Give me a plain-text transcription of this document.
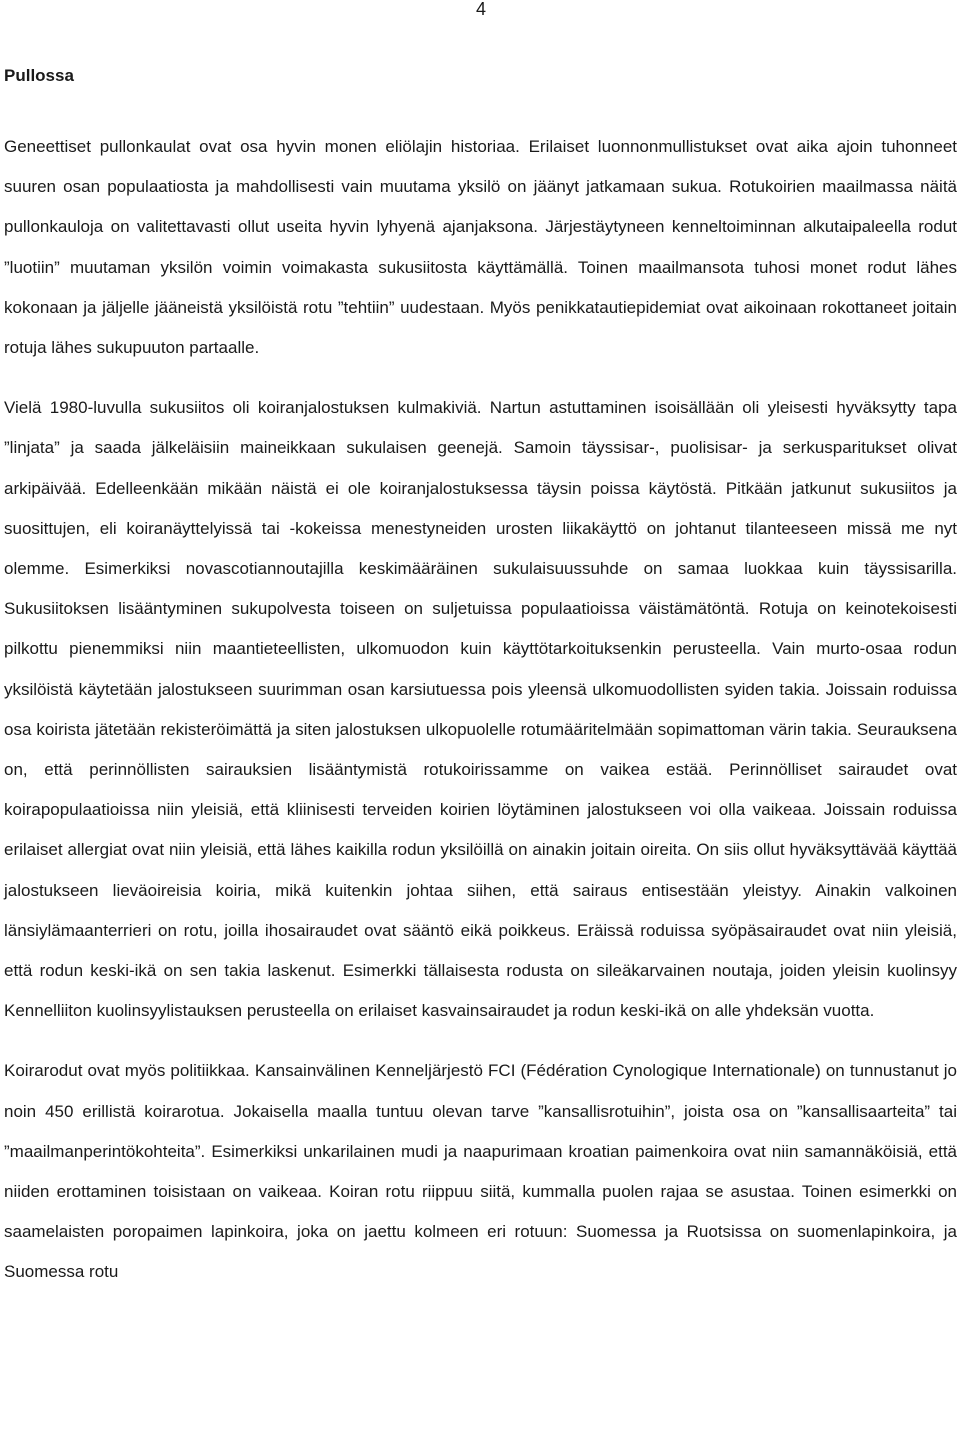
4
Pullossa

Geneettiset pullonkaulat ovat osa hyvin monen eliölajin historiaa. Erilaiset luonnonmullistukset ovat aika ajoin tuhonneet suuren osan populaatiosta ja mahdollisesti vain muutama yksilö on jäänyt jatkamaan sukua. Rotukoirien maailmassa näitä pullonkauloja on valitettavasti ollut useita hyvin lyhyenä ajanjaksona. Järjestäytyneen kenneltoiminnan alkutaipaleella rodut ”luotiin” muutaman yksilön voimin voimakasta sukusiitosta käyttämällä. Toinen maailmansota tuhosi monet rodut lähes kokonaan ja jäljelle jääneistä yksilöistä rotu ”tehtiin” uudestaan. Myös penikkatautiepidemiat ovat aikoinaan rokottaneet joitain rotuja lähes sukupuuton partaalle.

Vielä 1980-luvulla sukusiitos oli koiranjalostuksen kulmakiviä. Nartun astuttaminen isoisällään oli yleisesti hyväksytty tapa ”linjata” ja saada jälkeläisiin maineikkaan sukulaisen geenejä. Samoin täyssisar-, puolisisar- ja serkusparitukset olivat arkipäivää. Edelleenkään mikään näistä ei ole koiranjalostuksessa täysin poissa käytöstä. Pitkään jatkunut sukusiitos ja suosittujen, eli koiranäyttelyissä tai -kokeissa menestyneiden urosten liikakäyttö on johtanut tilanteeseen missä me nyt olemme. Esimerkiksi novascotiannoutajilla keskimääräinen sukulaisuussuhde on samaa luokkaa kuin täyssisarilla. Sukusiitoksen lisääntyminen sukupolvesta toiseen on suljetuissa populaatioissa väistämätöntä. Rotuja on keinotekoisesti pilkottu pienemmiksi niin maantieteellisten, ulkomuodon kuin käyttötarkoituksenkin perusteella. Vain murto-osaa rodun yksilöistä käytetään jalostukseen suurimman osan karsiutuessa pois yleensä ulkomuodollisten syiden takia. Joissain roduissa osa koirista jätetään rekisteröimättä ja siten jalostuksen ulkopuolelle rotumääritelmään sopimattoman värin takia. Seurauksena on, että perinnöllisten sairauksien lisääntymistä rotukoirissamme on vaikea estää. Perinnölliset sairaudet ovat koirapopulaatioissa niin yleisiä, että kliinisesti terveiden koirien löytäminen jalostukseen voi olla vaikeaa. Joissain roduissa erilaiset allergiat ovat niin yleisiä, että lähes kaikilla rodun yksilöillä on ainakin joitain oireita. On siis ollut hyväksyttävää käyttää jalostukseen lieväoireisia koiria, mikä kuitenkin johtaa siihen, että sairaus entisestään yleistyy. Ainakin valkoinen länsiylämaanterrieri on rotu, joilla ihosairaudet ovat sääntö eikä poikkeus. Eräissä roduissa syöpäsairaudet ovat niin yleisiä, että rodun keski-ikä on sen takia laskenut. Esimerkki tällaisesta rodusta on sileäkarvainen noutaja, joiden yleisin kuolinsyy Kennelliiton kuolinsyylistauksen perusteella on erilaiset kasvainsairaudet ja rodun keski-ikä on alle yhdeksän vuotta.

Koirarodut ovat myös politiikkaa. Kansainvälinen Kenneljärjestö FCI (Fédération Cynologique Internationale) on tunnustanut jo noin 450 erillistä koirarotua. Jokaisella maalla tuntuu olevan tarve ”kansallisrotuihin”, joista osa on ”kansallisaarteita” tai ”maailmanperintökohteita”. Esimerkiksi unkarilainen mudi ja naapurimaan kroatian paimenkoira ovat niin samannäköisiä, että niiden erottaminen toisistaan on vaikeaa. Koiran rotu riippuu siitä, kummalla puolen rajaa se asustaa. Toinen esimerkki on saamelaisten poropaimen lapinkoira, joka on jaettu kolmeen eri rotuun: Suomessa ja Ruotsissa on suomenlapinkoira, ja Suomessa rotu
